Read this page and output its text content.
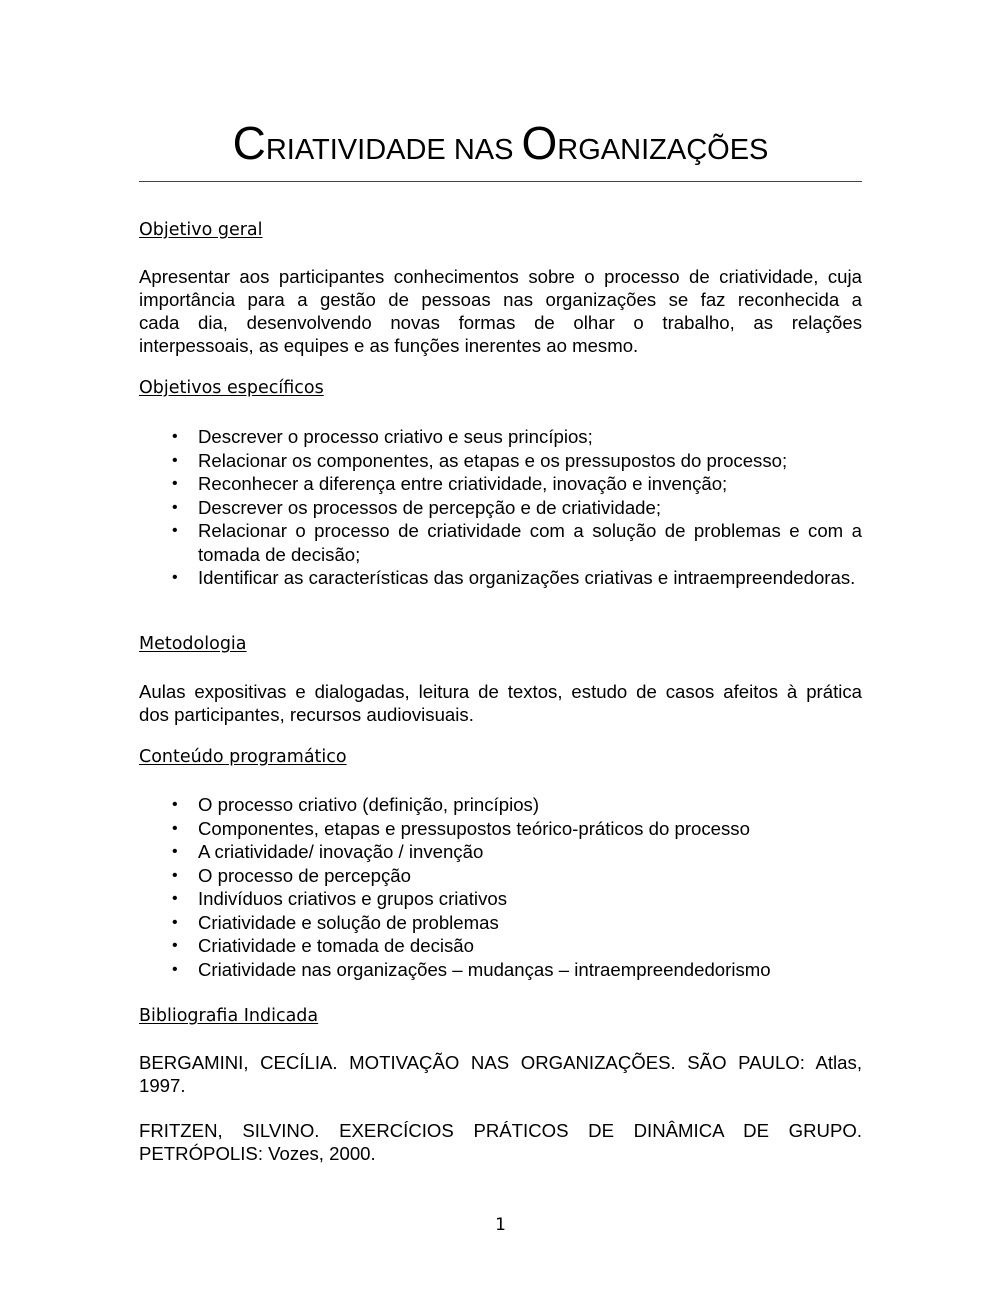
CRIATIVIDADE NAS ORGANIZAÇÕES
Objetivo geral
Apresentar aos participantes conhecimentos sobre o processo de criatividade, cuja
importância para a gestão de pessoas nas organizações se faz reconhecida a
cada dia, desenvolvendo novas formas de olhar o trabalho, as relações
interpessoais, as equipes e as funções inerentes ao mesmo.
Objetivos específicos
• Descrever o processo criativo e seus princípios;
• Relacionar os componentes, as etapas e os pressupostos do processo;
• Reconhecer a diferença entre criatividade, inovação e invenção;
• Descrever os processos de percepção e de criatividade;
• Relacionar o processo de criatividade com a solução de problemas e com a tomada de decisão;
• Identificar as características das organizações criativas e intraempreendedoras.
Metodologia
Aulas expositivas e dialogadas, leitura de textos, estudo de casos afeitos à prática
dos participantes, recursos audiovisuais.
Conteúdo programático
• O processo criativo (definição, princípios)
• Componentes, etapas e pressupostos teórico-práticos do processo
• A criatividade/ inovação / invenção
• O processo de percepção
• Indivíduos criativos e grupos criativos
• Criatividade e solução de problemas
• Criatividade e tomada de decisão
• Criatividade nas organizações – mudanças – intraempreendedorismo
Bibliografia Indicada
BERGAMINI, CECÍLIA. MOTIVAÇÃO NAS ORGANIZAÇÕES. SÃO PAULO: Atlas,
1997.
FRITZEN, SILVINO. EXERCÍCIOS PRÁTICOS DE DINÂMICA DE GRUPO.
PETRÓPOLIS: Vozes, 2000.
1
